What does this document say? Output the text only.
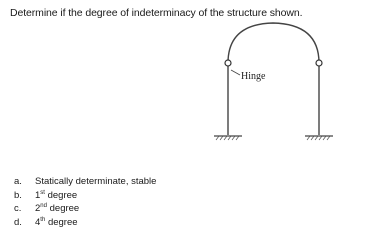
Determine if the degree of indeterminacy of the structure shown.
Hinge
a.	Statically determinate, stable
b.	1st degree
c.	2nd degree
d.	4th degree
